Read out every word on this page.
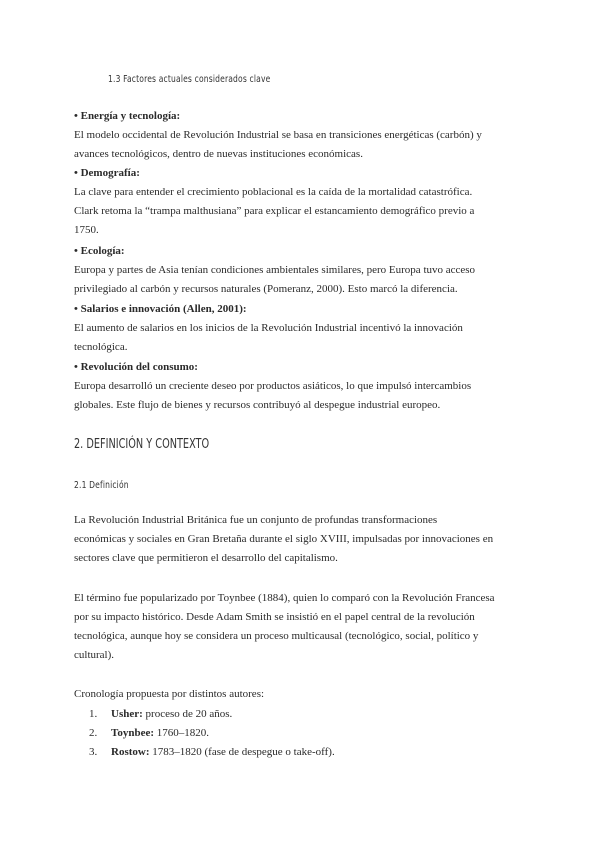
1.3 Factores actuales considerados clave
• Energía y tecnología:
El modelo occidental de Revolución Industrial se basa en transiciones energéticas (carbón) y
avances tecnológicos, dentro de nuevas instituciones económicas.
• Demografía:
La clave para entender el crecimiento poblacional es la caída de la mortalidad catastrófica.
Clark retoma la “trampa malthusiana” para explicar el estancamiento demográfico previo a
1750.
• Ecología:
Europa y partes de Asia tenían condiciones ambientales similares, pero Europa tuvo acceso
privilegiado al carbón y recursos naturales (Pomeranz, 2000). Esto marcó la diferencia.
• Salarios e innovación (Allen, 2001):
El aumento de salarios en los inicios de la Revolución Industrial incentivó la innovación
tecnológica.
• Revolución del consumo:
Europa desarrolló un creciente deseo por productos asiáticos, lo que impulsó intercambios
globales. Este flujo de bienes y recursos contribuyó al despegue industrial europeo.
2. DEFINICIÓN Y CONTEXTO
2.1 Definición
La Revolución Industrial Británica fue un conjunto de profundas transformaciones
económicas y sociales en Gran Bretaña durante el siglo XVIII, impulsadas por innovaciones en
sectores clave que permitieron el desarrollo del capitalismo.
El término fue popularizado por Toynbee (1884), quien lo comparó con la Revolución Francesa
por su impacto histórico. Desde Adam Smith se insistió en el papel central de la revolución
tecnológica, aunque hoy se considera un proceso multicausal (tecnológico, social, político y
cultural).
Cronología propuesta por distintos autores:
1. Usher: proceso de 20 años.
2. Toynbee: 1760–1820.
3. Rostow: 1783–1820 (fase de despegue o take-off).
